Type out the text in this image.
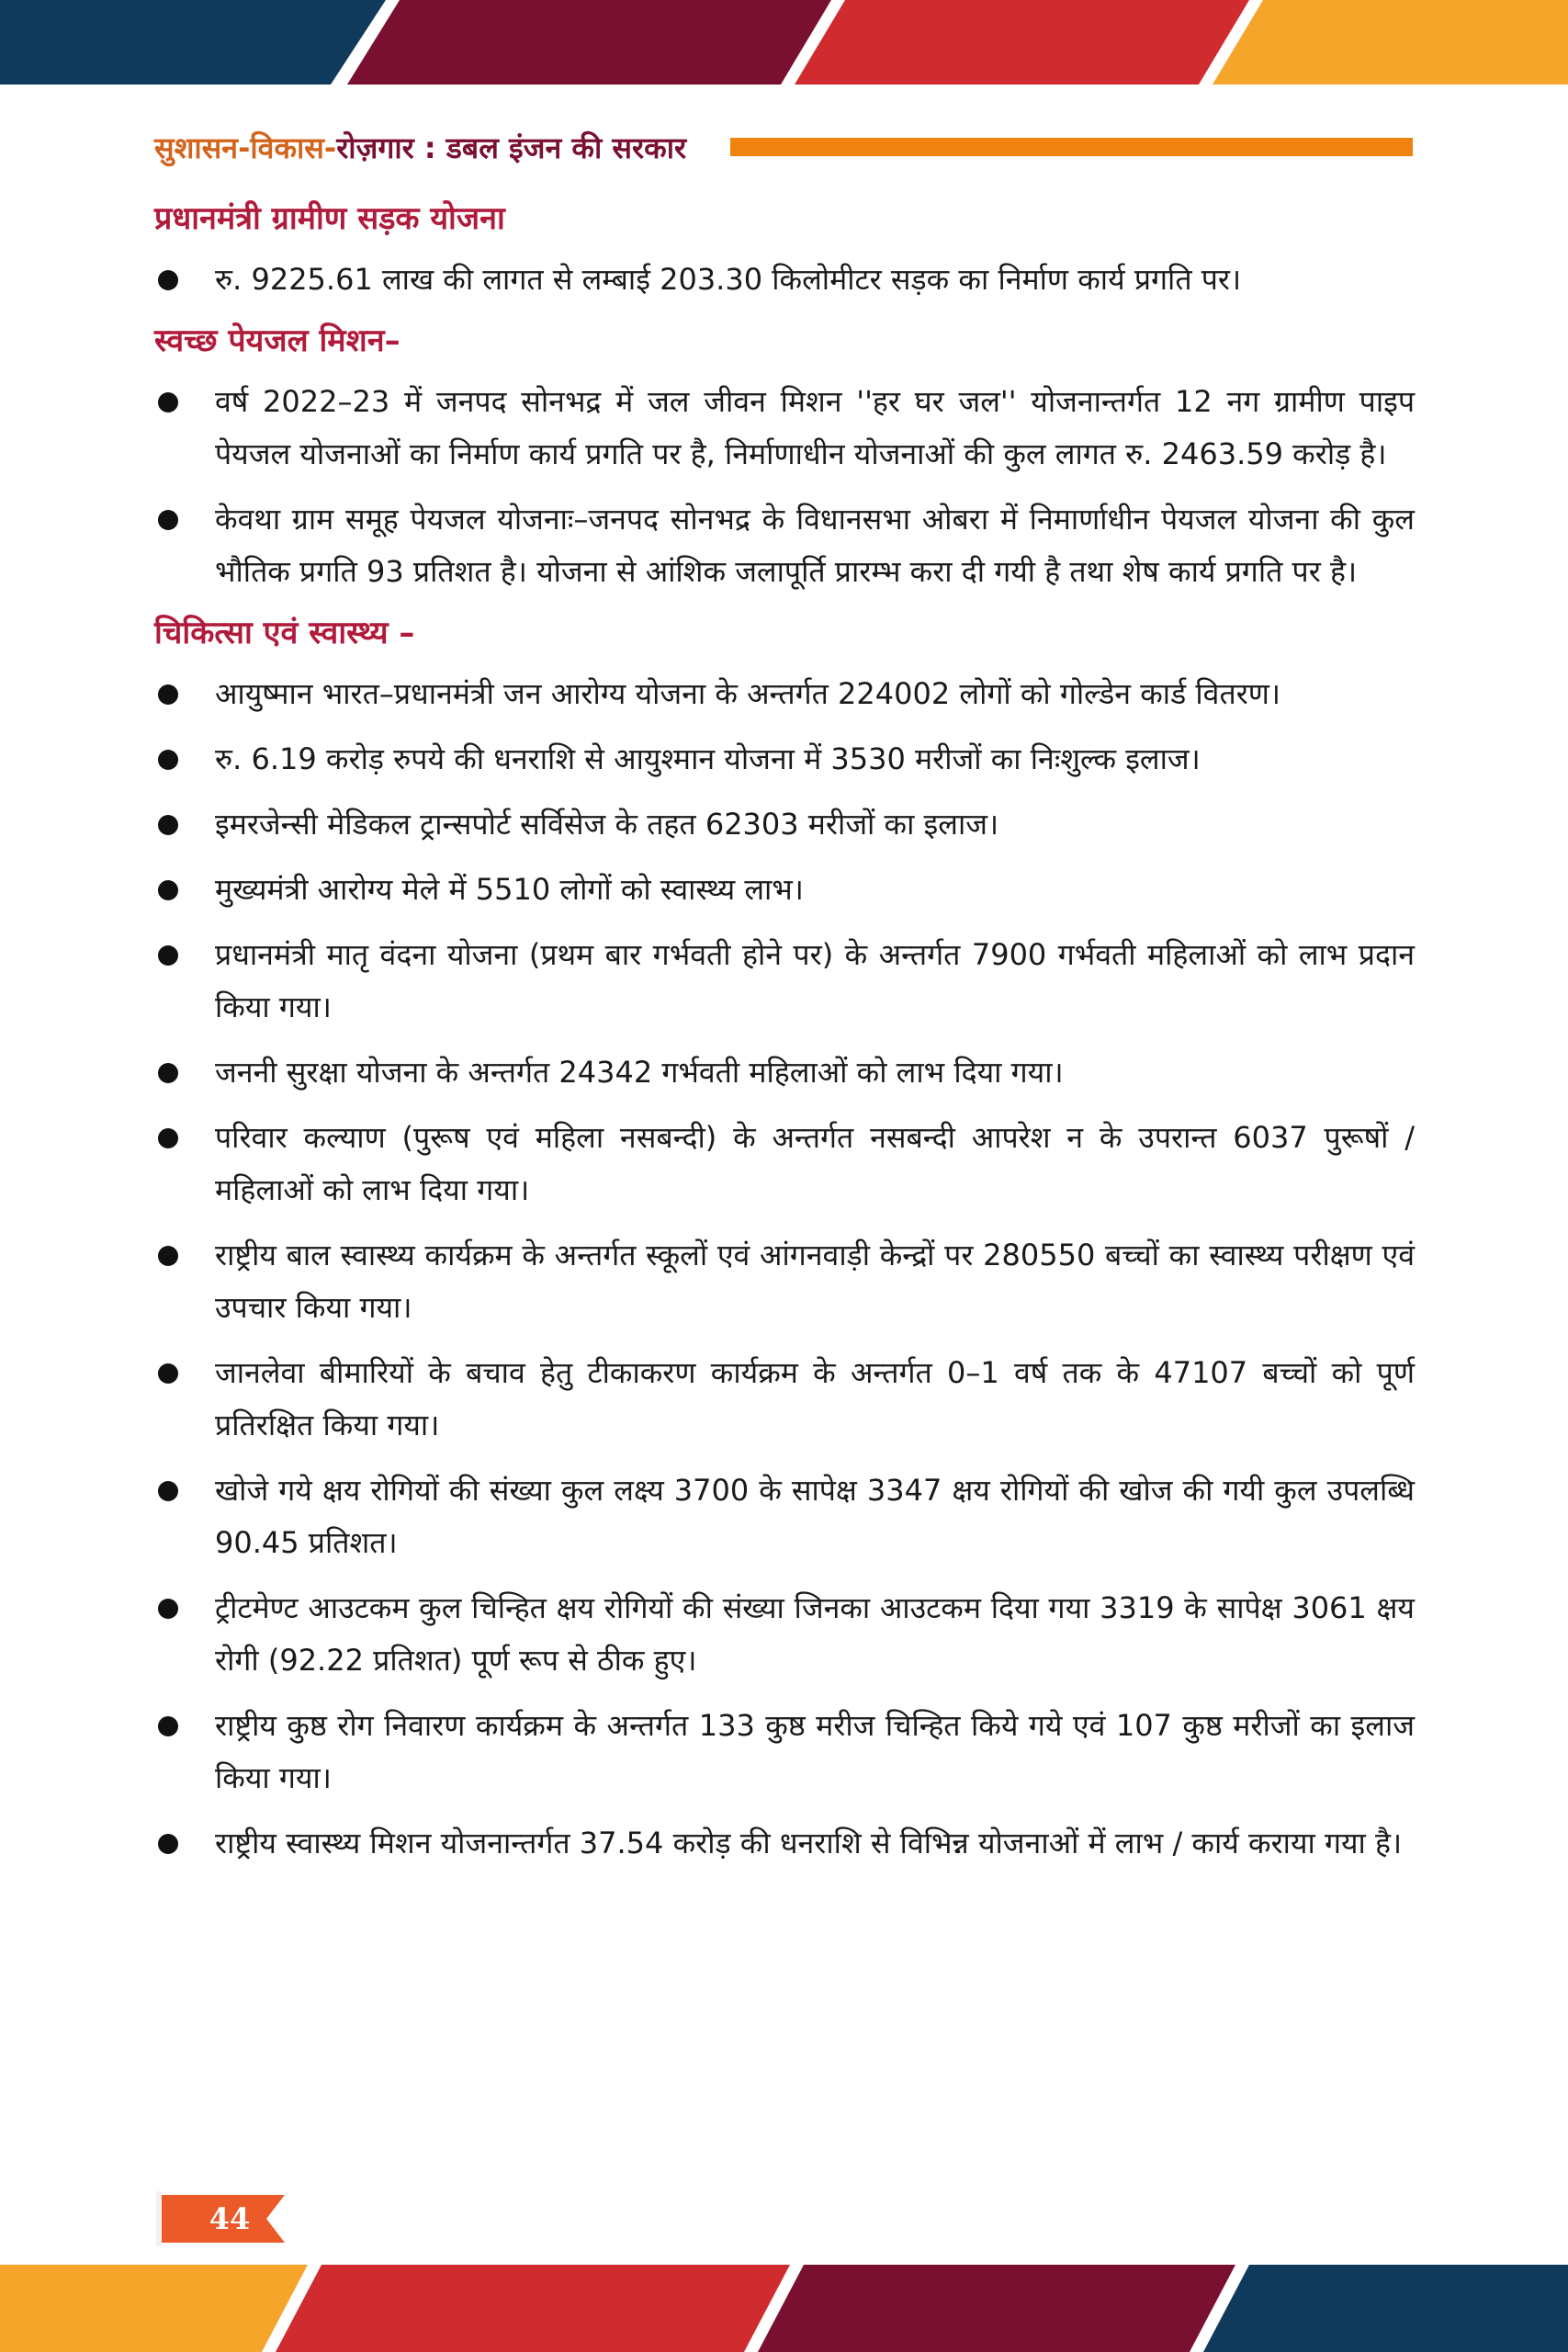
सुशासन-विकास-रोज़गार : डबल इंजन की सरकार
प्रधानमंत्री ग्रामीण सड़क योजना
रु. 9225.61 लाख की लागत से लम्बाई 203.30 किलोमीटर सड़क का निर्माण कार्य प्रगति पर।
स्वच्छ पेयजल मिशन–
वर्ष 2022–23 में जनपद सोनभद्र में जल जीवन मिशन ''हर घर जल'' योजनान्तर्गत 12 नग ग्रामीण पाइप पेयजल योजनाओं का निर्माण कार्य प्रगति पर है, निर्माणाधीन योजनाओं की कुल लागत रु. 2463.59 करोड़ है।
केवथा ग्राम समूह पेयजल योजनाः–जनपद सोनभद्र के विधानसभा ओबरा में निमार्णाधीन पेयजल योजना की कुल भौतिक प्रगति 93 प्रतिशत है। योजना से आंशिक जलापूर्ति प्रारम्भ करा दी गयी है तथा शेष कार्य प्रगति पर है।
चिकित्सा एवं स्वास्थ्य –
आयुष्मान भारत–प्रधानमंत्री जन आरोग्य योजना के अन्तर्गत 224002 लोगों को गोल्डेन कार्ड वितरण।
रु. 6.19 करोड़ रुपये की धनराशि से आयुश्मान योजना में 3530 मरीजों का निःशुल्क इलाज।
इमरजेन्सी मेडिकल ट्रान्सपोर्ट सर्विसेज के तहत 62303 मरीजों का इलाज।
मुख्यमंत्री आरोग्य मेले में 5510 लोगों को स्वास्थ्य लाभ।
प्रधानमंत्री मातृ वंदना योजना (प्रथम बार गर्भवती होने पर) के अन्तर्गत 7900 गर्भवती महिलाओं को लाभ प्रदान किया गया।
जननी सुरक्षा योजना के अन्तर्गत 24342 गर्भवती महिलाओं को लाभ दिया गया।
परिवार कल्याण (पुरूष एवं महिला नसबन्दी) के अन्तर्गत नसबन्दी आपरेश न के उपरान्त 6037 पुरूषों / महिलाओं को लाभ दिया गया।
राष्ट्रीय बाल स्वास्थ्य कार्यक्रम के अन्तर्गत स्कूलों एवं आंगनवाड़ी केन्द्रों पर 280550 बच्चों का स्वास्थ्य परीक्षण एवं उपचार किया गया।
जानलेवा बीमारियों के बचाव हेतु टीकाकरण कार्यक्रम के अन्तर्गत 0–1 वर्ष तक के 47107 बच्चों को पूर्ण प्रतिरक्षित किया गया।
खोजे गये क्षय रोगियों की संख्या कुल लक्ष्य 3700 के सापेक्ष 3347 क्षय रोगियों की खोज की गयी कुल उपलब्धि 90.45 प्रतिशत।
ट्रीटमेण्ट आउटकम कुल चिन्हित क्षय रोगियों की संख्या जिनका आउटकम दिया गया 3319 के सापेक्ष 3061 क्षय रोगी (92.22 प्रतिशत) पूर्ण रूप से ठीक हुए।
राष्ट्रीय कुष्ठ रोग निवारण कार्यक्रम के अन्तर्गत 133 कुष्ठ मरीज चिन्हित किये गये एवं 107 कुष्ठ मरीजों का इलाज किया गया।
राष्ट्रीय स्वास्थ्य मिशन योजनान्तर्गत 37.54 करोड़ की धनराशि से विभिन्न योजनाओं में लाभ / कार्य कराया गया है।
44
